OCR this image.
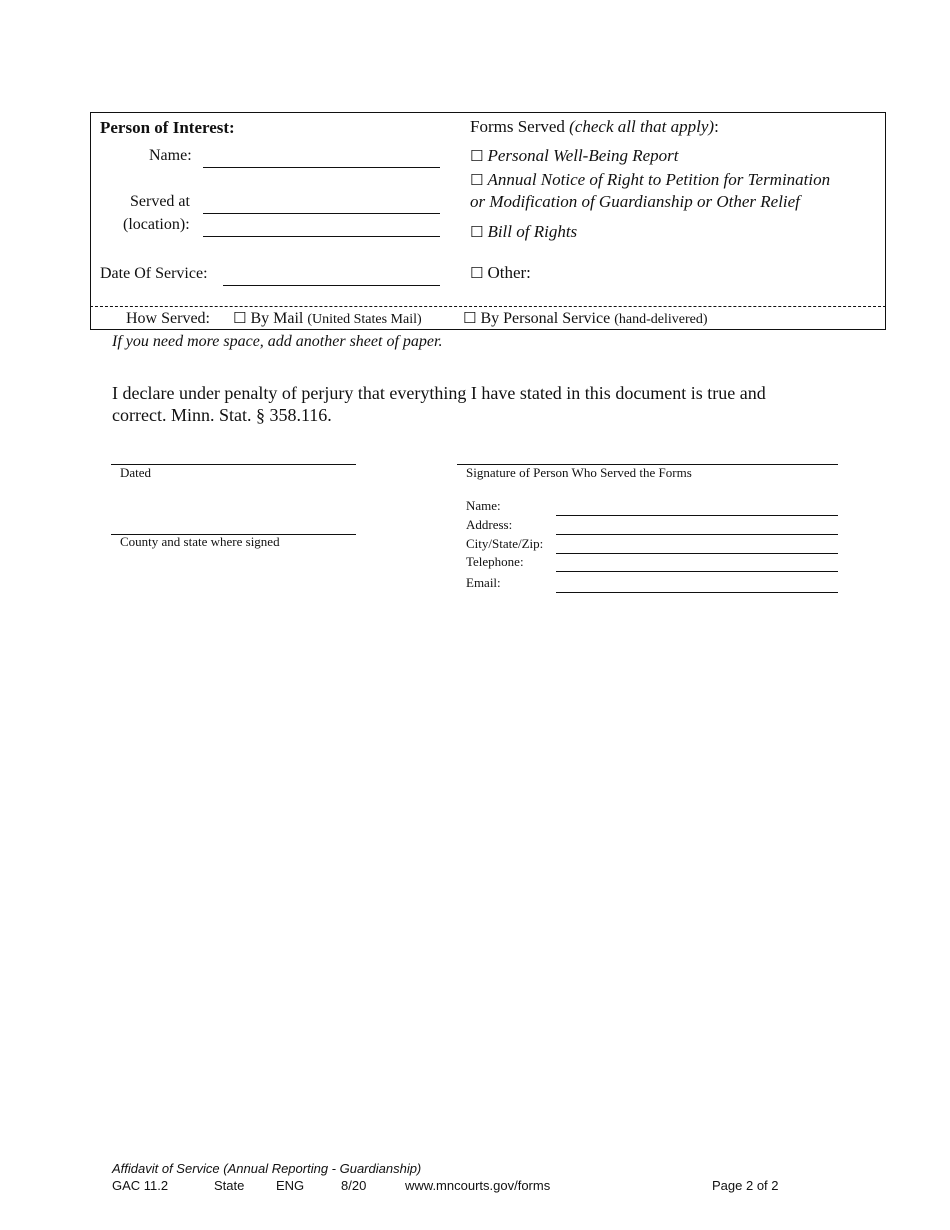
Person of Interest:
Name:
Served at
(location):
Date Of Service:
Forms Served (check all that apply):
☐ Personal Well-Being Report
☐ Annual Notice of Right to Petition for Termination
or Modification of Guardianship or Other Relief
☐ Bill of Rights
☐ Other:
How Served: ☐ By Mail (United States Mail)	☐ By Personal Service (hand-delivered)
If you need more space, add another sheet of paper.
I declare under penalty of perjury that everything I have stated in this document is true and
correct. Minn. Stat. § 358.116.
Dated
County and state where signed
Signature of Person Who Served the Forms
Name:
Address:
City/State/Zip:
Telephone:
Email:
Affidavit of Service (Annual Reporting - Guardianship)
GAC 11.2	State ENG	8/20	www.mncourts.gov/forms	Page 2 of 2
